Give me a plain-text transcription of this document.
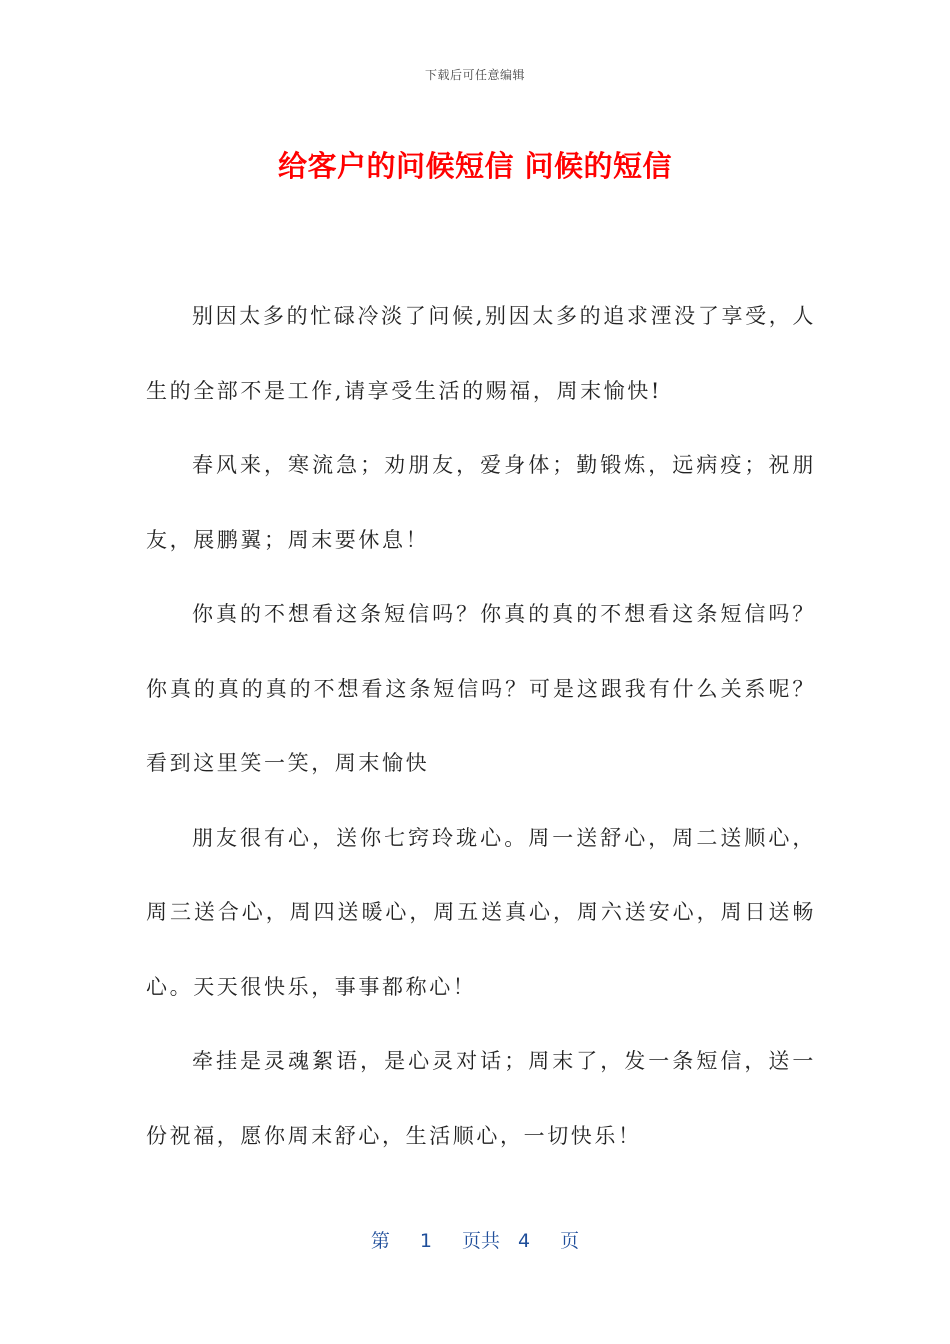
下载后可任意编辑
给客户的问候短信 问候的短信

别因太多的忙碌冷淡了问候,别因太多的追求湮没了享受，人生的全部不是工作,请享受生活的赐福，周末愉快!

春风来，寒流急；劝朋友，爱身体；勤锻炼，远病疫；祝朋友，展鹏翼；周末要休息！

你真的不想看这条短信吗？你真的真的不想看这条短信吗？你真的真的真的不想看这条短信吗？可是这跟我有什么关系呢？看到这里笑一笑，周末愉快

朋友很有心，送你七窍玲珑心。周一送舒心，周二送顺心，周三送合心，周四送暖心，周五送真心，周六送安心，周日送畅心。天天很快乐，事事都称心！

牵挂是灵魂絮语，是心灵对话；周末了，发一条短信，送一份祝福，愿你周末舒心，生活顺心，一切快乐！

第 1 页共 4 页
